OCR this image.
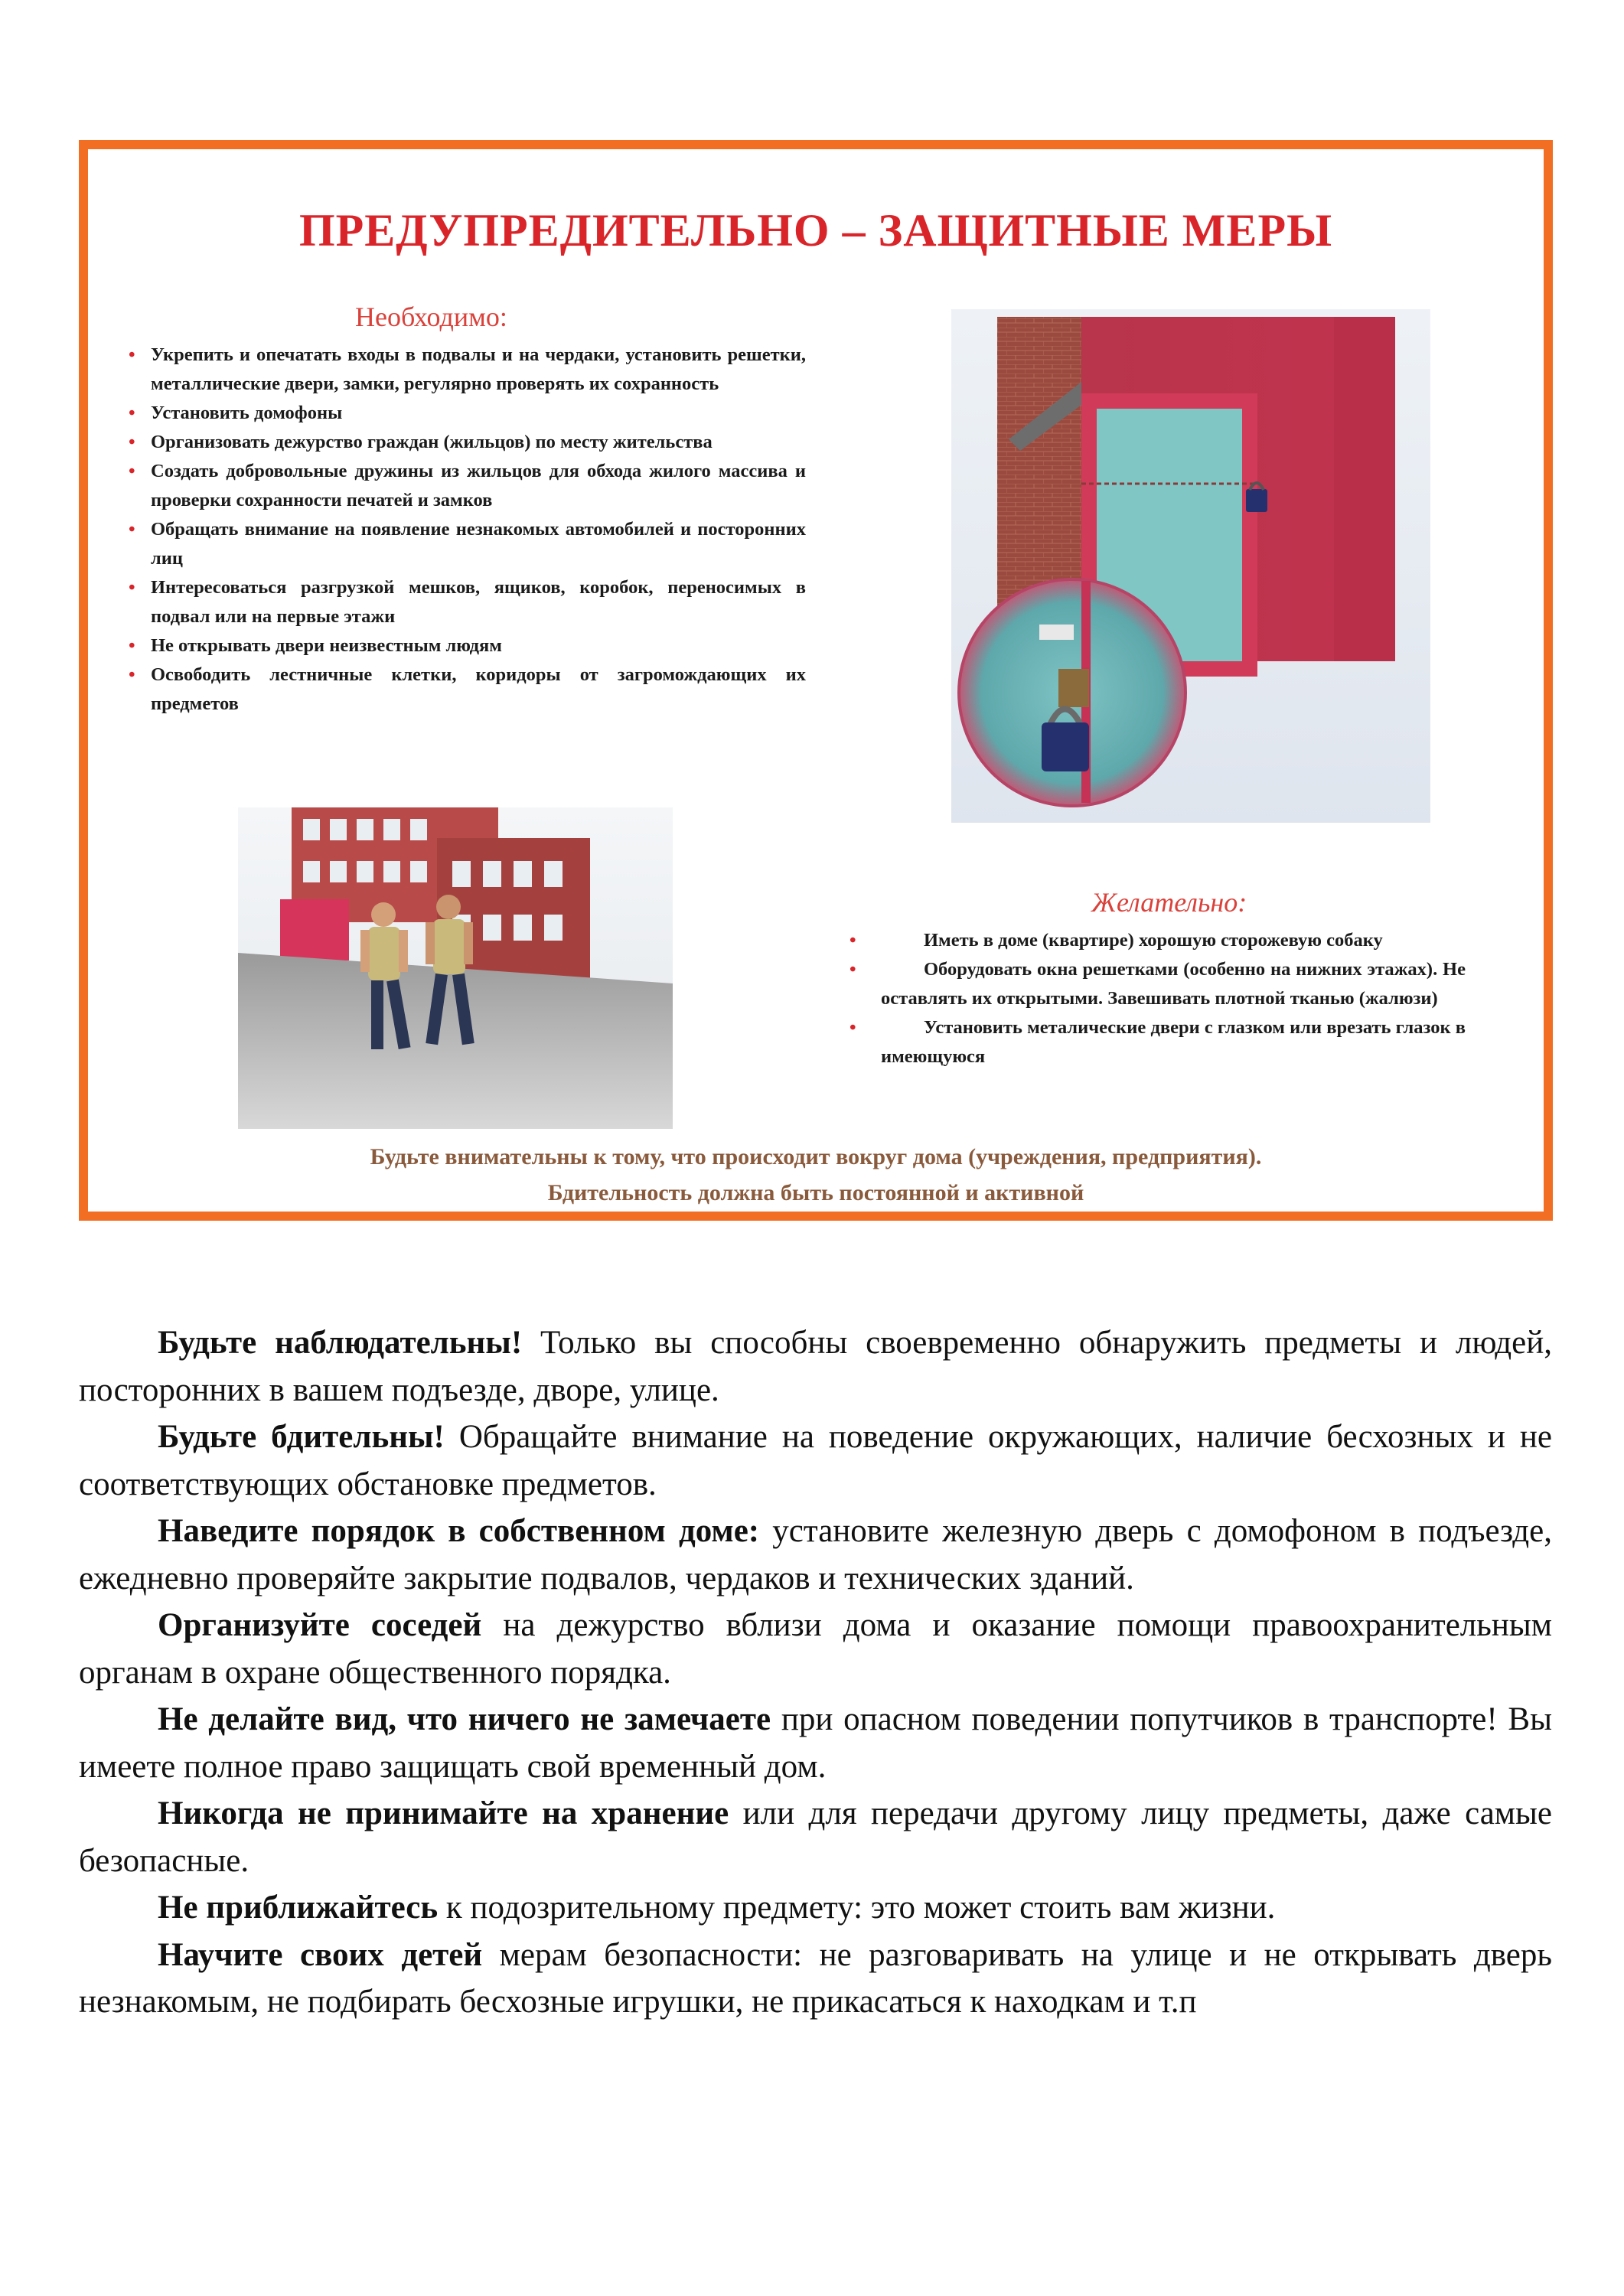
ПРЕДУПРЕДИТЕЛЬНО – ЗАЩИТНЫЕ МЕРЫ
Необходимо:
• Укрепить и опечатать входы в подвалы и на чердаки, установить решетки, металлические двери, замки, регулярно проверять их сохранность
• Установить домофоны
• Организовать дежурство граждан (жильцов) по месту жительства
• Создать добровольные дружины из жильцов для обхода жилого массива и проверки сохранности печатей и замков
• Обращать внимание на появление незнакомых автомобилей и посторонних лиц
• Интересоваться разгрузкой мешков, ящиков, коробок, переносимых в подвал или на первые этажи
• Не открывать двери неизвестным людям
• Освободить лестничные клетки, коридоры от загромождающих их предметов
Желательно:
• Иметь в доме (квартире) хорошую сторожевую собаку
• Оборудовать окна решетками (особенно на нижних этажах). Не оставлять их открытыми. Завешивать плотной тканью (жалюзи)
• Установить металические двери с глазком или врезать глазок в имеющуюся
Будьте внимательны к тому, что происходит вокруг дома (учреждения, предприятия).
Бдительность должна быть постоянной и активной

Будьте наблюдательны! Только вы способны своевременно обнаружить предметы и людей, посторонних в вашем подъезде, дворе, улице.

Будьте бдительны! Обращайте внимание на поведение окружающих, наличие бесхозных и не соответствующих обстановке предметов.

Наведите порядок в собственном доме: установите железную дверь с домофоном в подъезде, ежедневно проверяйте закрытие подвалов, чердаков и технических зданий.

Организуйте соседей на дежурство вблизи дома и оказание помощи правоохранительным органам в охране общественного порядка.

Не делайте вид, что ничего не замечаете при опасном поведении попутчиков в транспорте! Вы имеете полное право защищать свой временный дом.

Никогда не принимайте на хранение или для передачи другому лицу предметы, даже самые безопасные.

Не приближайтесь к подозрительному предмету: это может стоить вам жизни.

Научите своих детей мерам безопасности: не разговаривать на улице и не открывать дверь незнакомым, не подбирать бесхозные игрушки, не прикасаться к находкам и т.п
